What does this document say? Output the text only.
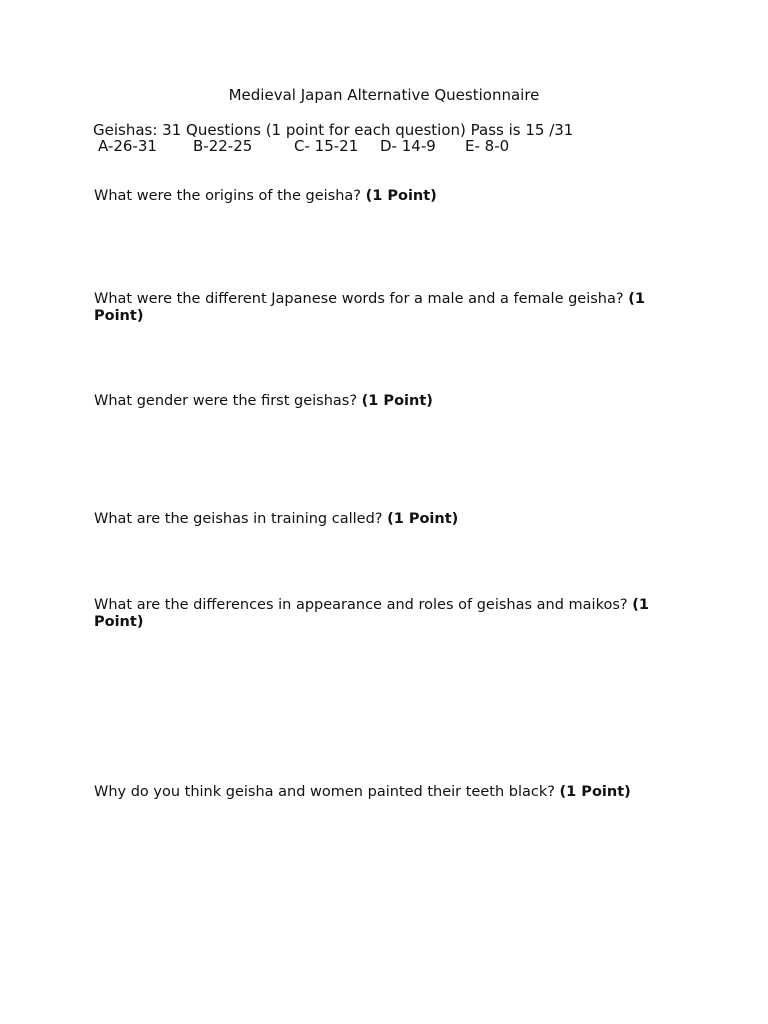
Medieval Japan Alternative Questionnaire
Geishas: 31 Questions (1 point for each question) Pass is 15 /31
A-26-31 B-22-25	C- 15-21 D- 14-9 E- 8-0
What were the origins of the geisha? (1 Point)
What were the different Japanese words for a male and a female geisha? (1 Point)
What gender were the first geishas? (1 Point)
What are the geishas in training called? (1 Point)
What are the differences in appearance and roles of geishas and maikos? (1 Point)
Why do you think geisha and women painted their teeth black? (1 Point)
